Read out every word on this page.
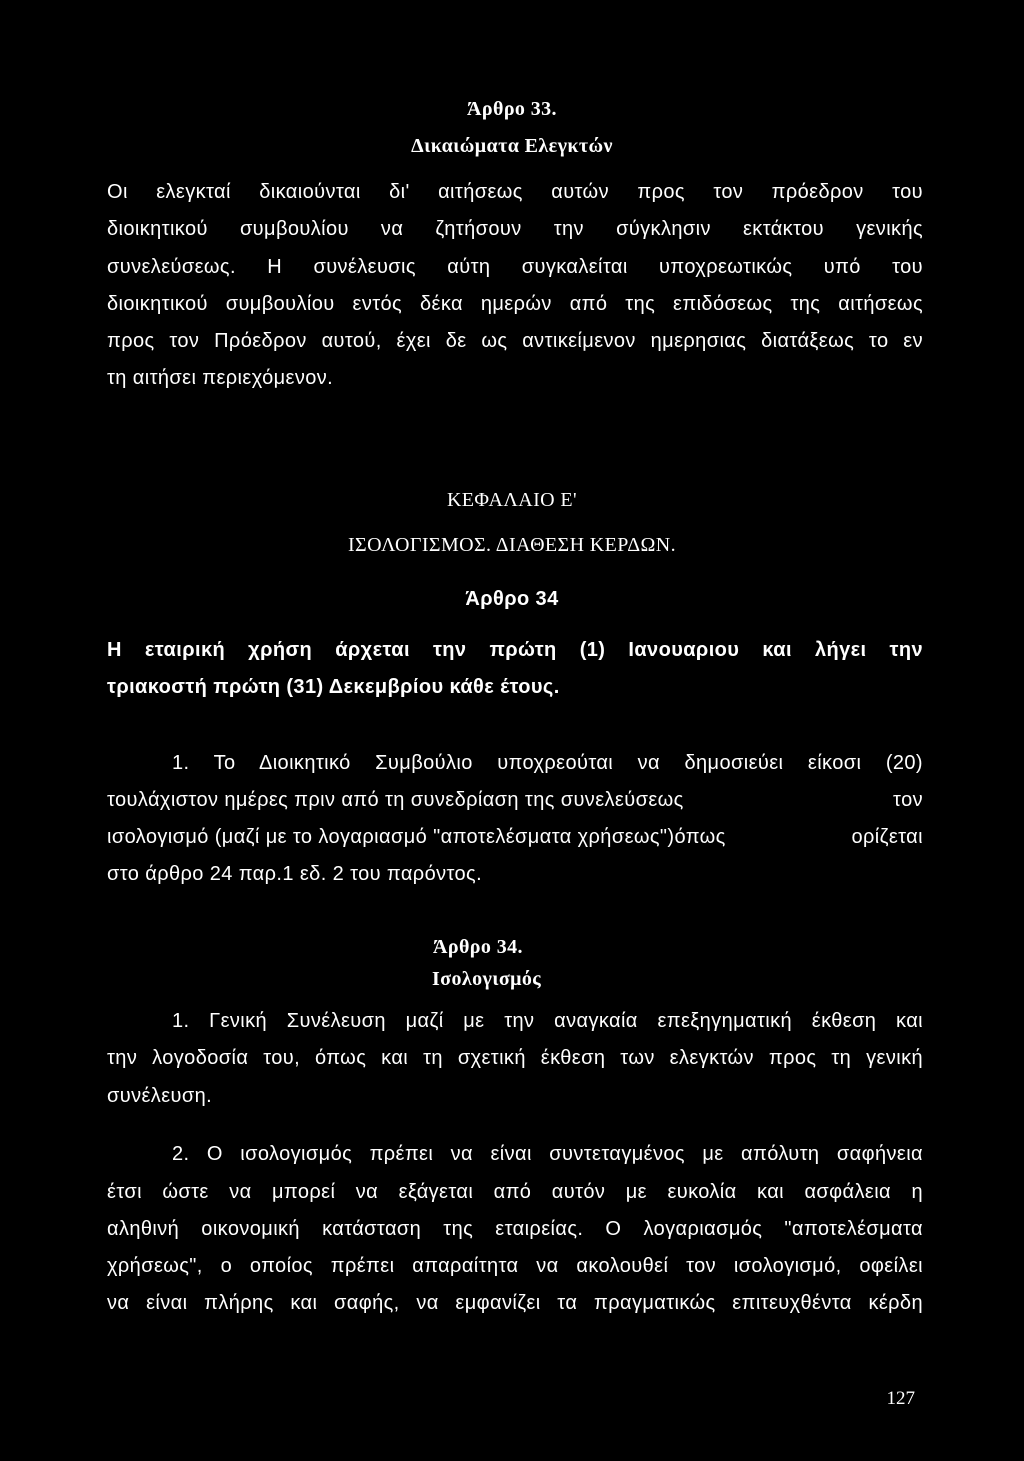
Άρθρο 33.
Δικαιώματα Ελεγκτών
Οι ελεγκταί δικαιούνται δι' αιτήσεως αυτών προς τον πρόεδρον του
διοικητικού συμβουλίου να ζητήσουν την σύγκλησιν εκτάκτου γενικής
συνελεύσεως. Η συνέλευσις αύτη συγκαλείται υποχρεωτικώς υπό του
διοικητικού συμβουλίου εντός δέκα ημερών από της επιδόσεως της αιτήσεως
προς τον Πρόεδρον αυτού, έχει δε ως αντικείμενον ημερησιας διατάξεως το εν
τη αιτήσει περιεχόμενον.
ΚΕΦΑΛΑΙΟ Ε'
ΙΣΟΛΟΓΙΣΜΟΣ. ΔΙΑΘΕΣΗ ΚΕΡΔΩΝ.
Άρθρο 34
Η εταιρική χρήση άρχεται την πρώτη (1) Ιανουαριου και λήγει την
τριακοστή πρώτη (31) Δεκεμβρίου κάθε έτους.
1. Το Διοικητικό Συμβούλιο υποχρεούται να δημοσιεύει είκοσι (20)
τουλάχιστον ημέρες πριν από τη συνεδρίαση της συνελεύσεως	τον
ισολογισμό (μαζί με το λογαριασμό "αποτελέσματα χρήσεως")όπως	ορίζεται
στο άρθρο 24 παρ.1 εδ. 2 του παρόντος.
Άρθρο 34.
Ισολογισμός
1. Γενική Συνέλευση μαζί με την αναγκαία επεξηγηματική έκθεση και
την λογοδοσία του, όπως και τη σχετική έκθεση των ελεγκτών προς τη γενική
συνέλευση.
2. Ο ισολογισμός πρέπει να είναι συντεταγμένος με απόλυτη σαφήνεια
έτσι ώστε να μπορεί να εξάγεται από αυτόν με ευκολία και ασφάλεια η
αληθινή οικονομική κατάσταση της εταιρείας. Ο λογαριασμός "αποτελέσματα
χρήσεως", ο οποίος πρέπει απαραίτητα να ακολουθεί τον ισολογισμό, οφείλει
να είναι πλήρης και σαφής, να εμφανίζει τα πραγματικώς επιτευχθέντα κέρδη
127
